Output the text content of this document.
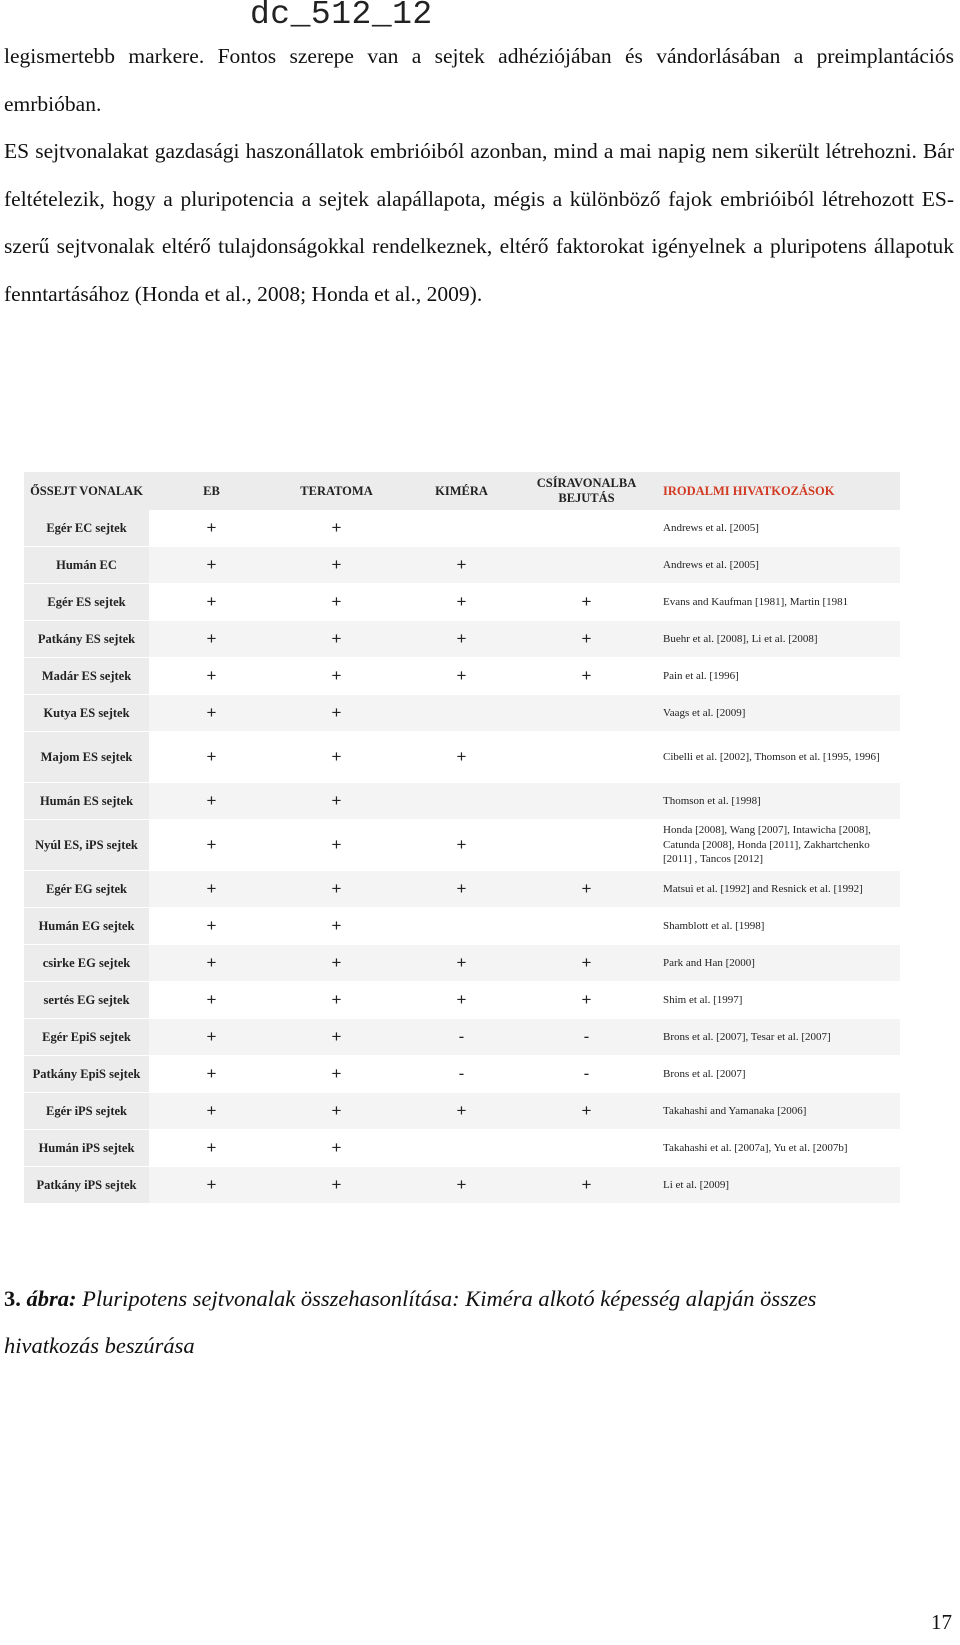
dc_512_12

legismertebb markere. Fontos szerepe van a sejtek adhéziójában és vándorlásában a preimplantációs emrbióban.

ES sejtvonalakat gazdasági haszonállatok embrióiból azonban, mind a mai napig nem sikerült létrehozni. Bár feltételezik, hogy a pluripotencia a sejtek alapállapota, mégis a különböző fajok embrióiból létrehozott ES-szerű sejtvonalak eltérő tulajdonságokkal rendelkeznek, eltérő faktorokat igényelnek a pluripotens állapotuk fenntartásához (Honda et al., 2008; Honda et al., 2009).

ŐSSEJT VONALAK	EB	TERATOMA	KIMÉRA	CSÍRAVONALBA BEJUTÁS	IRODALMI HIVATKOZÁSOK
Egér EC sejtek	+	+			Andrews et al. [2005]
Humán EC	+	+	+		Andrews et al. [2005]
Egér ES sejtek	+	+	+	+	Evans and Kaufman [1981], Martin [1981
Patkány ES sejtek	+	+	+	+	Buehr et al. [2008], Li et al. [2008]
Madár ES sejtek	+	+	+	+	Pain et al. [1996]
Kutya ES sejtek	+	+			Vaags et al. [2009]
Majom ES sejtek	+	+	+		Cibelli et al. [2002], Thomson et al. [1995, 1996]
Humán ES sejtek	+	+			Thomson et al. [1998]
Nyúl ES, iPS sejtek	+	+	+		Honda [2008], Wang [2007], Intawicha [2008], Catunda [2008], Honda [2011], Zakhartchenko [2011] , Tancos [2012]
Egér EG sejtek	+	+	+	+	Matsui et al. [1992] and Resnick et al. [1992]
Humán EG sejtek	+	+			Shamblott et al. [1998]
csirke EG sejtek	+	+	+	+	Park and Han [2000]
sertés EG sejtek	+	+	+	+	Shim et al. [1997]
Egér EpiS sejtek	+	+	-	-	Brons et al. [2007], Tesar et al. [2007]
Patkány EpiS sejtek	+	+	-	-	Brons et al. [2007]
Egér iPS sejtek	+	+	+	+	Takahashi and Yamanaka [2006]
Humán iPS sejtek	+	+			Takahashi et al. [2007a], Yu et al. [2007b]
Patkány iPS sejtek	+	+	+	+	Li et al. [2009]
3. ábra: Pluripotens sejtvonalak összehasonlítása: Kiméra alkotó képesség alapján összes hivatkozás beszúrása
17
